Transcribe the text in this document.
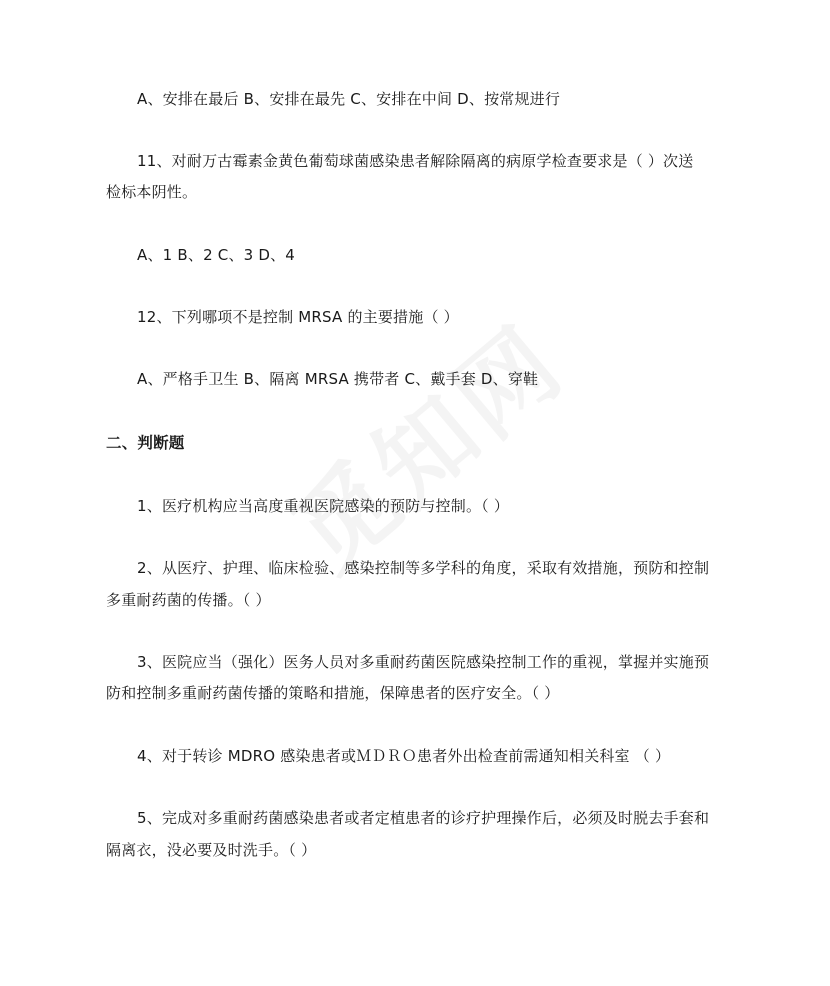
A、安排在最后 B、安排在最先 C、安排在中间 D、按常规进行

11、对耐万古霉素金黄色葡萄球菌感染患者解除隔离的病原学检查要求是（ ）次送

检标本阴性。

A、1 B、2 C、3 D、4

12、下列哪项不是控制 MRSA 的主要措施（ ）

A、严格手卫生 B、隔离 MRSA 携带者 C、戴手套 D、穿鞋

二、判断题

1、医疗机构应当高度重视医院感染的预防与控制。（ ）

2、从医疗、护理、临床检验、感染控制等多学科的角度，采取有效措施，预防和控制

多重耐药菌的传播。（ ）

3、医院应当（强化）医务人员对多重耐药菌医院感染控制工作的重视，掌握并实施预

防和控制多重耐药菌传播的策略和措施，保障患者的医疗安全。（ ）

4、对于转诊 MDRO 感染患者或ＭＤＲＯ患者外出检查前需通知相关科室 （ ）

5、完成对多重耐药菌感染患者或者定植患者的诊疗护理操作后，必须及时脱去手套和

隔离衣，没必要及时洗手。（ ）
